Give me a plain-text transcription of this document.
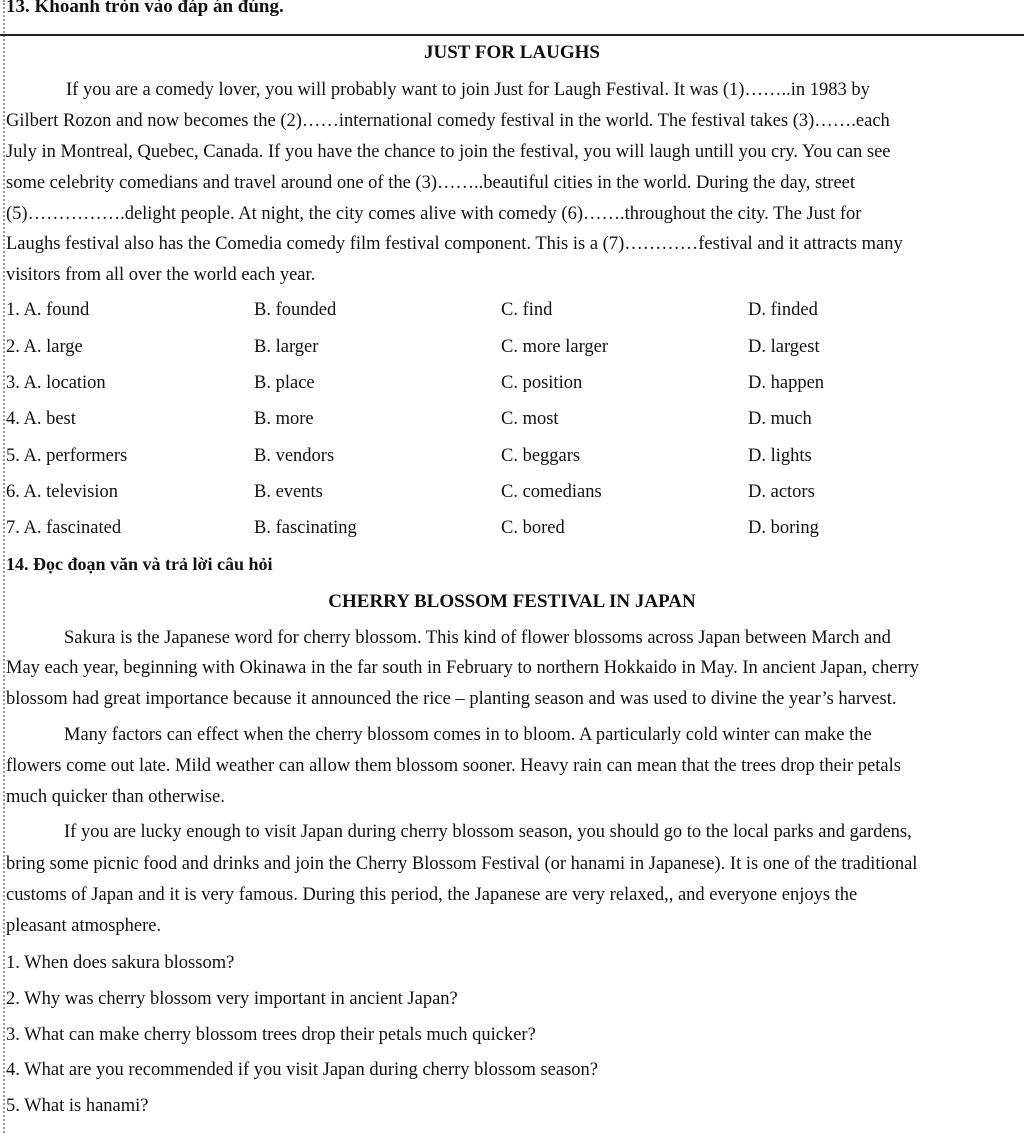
13. Khoanh tròn vào đáp án đúng.
JUST FOR LAUGHS
If you are a comedy lover, you will probably want to join Just for Laugh Festival. It was (1)……..in 1983 by
Gilbert Rozon and now becomes the (2)……international comedy festival in the world. The festival takes (3)…….each
July in Montreal, Quebec, Canada. If you have the chance to join the festival, you will laugh untill you cry. You can see
some celebrity comedians and travel around one of the (3)……..beautiful cities in the world. During the day, street
(5)…………….delight people. At night, the city comes alive with comedy (6)…….throughout the city. The Just for
Laughs festival also has the Comedia comedy film festival component. This is a (7)…………festival and it attracts many
visitors from all over the world each year.
1. A. found	B. founded	C. find	D. finded
2. A. large	B. larger	C. more larger	D. largest
3. A. location	B. place	C. position	D. happen
4. A. best	B. more	C. most	D. much
5. A. performers	B. vendors	C. beggars	D. lights
6. A. television	B. events	C. comedians	D. actors
7. A. fascinated	B. fascinating	C. bored	D. boring
14. Đọc đoạn văn và trả lời câu hỏi
CHERRY BLOSSOM FESTIVAL IN JAPAN
Sakura is the Japanese word for cherry blossom. This kind of flower blossoms across Japan between March and
May each year, beginning with Okinawa in the far south in February to northern Hokkaido in May. In ancient Japan, cherry
blossom had great importance because it announced the rice – planting season and was used to divine the year’s harvest.
Many factors can effect when the cherry blossom comes in to bloom. A particularly cold winter can make the
flowers come out late. Mild weather can allow them blossom sooner. Heavy rain can mean that the trees drop their petals
much quicker than otherwise.
If you are lucky enough to visit Japan during cherry blossom season, you should go to the local parks and gardens,
bring some picnic food and drinks and join the Cherry Blossom Festival (or hanami in Japanese). It is one of the traditional
customs of Japan and it is very famous. During this period, the Japanese are very relaxed,, and everyone enjoys the
pleasant atmosphere.
1. When does sakura blossom?
2. Why was cherry blossom very important in ancient Japan?
3. What can make cherry blossom trees drop their petals much quicker?
4. What are you recommended if you visit Japan during cherry blossom season?
5. What is hanami?
